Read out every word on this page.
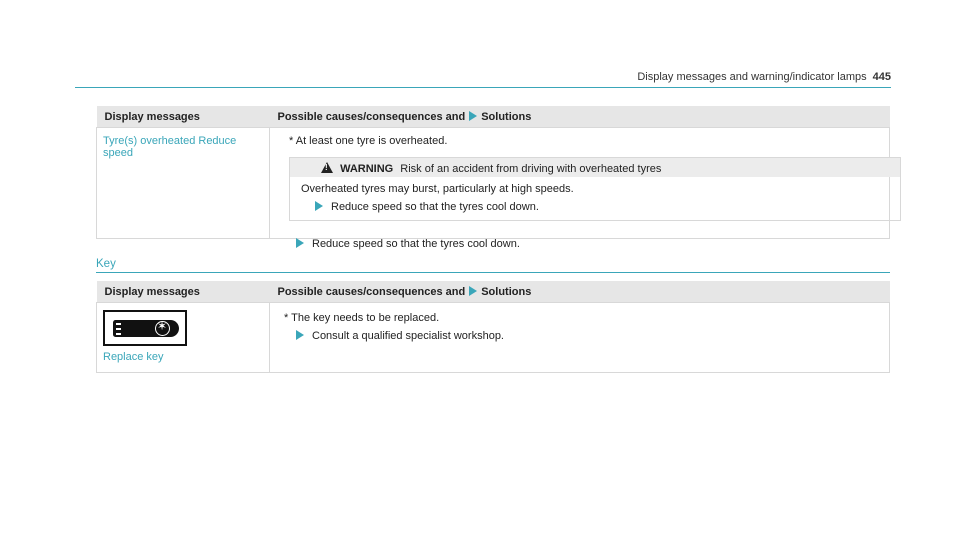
Display messages and warning/indicator lamps 445
Display messages	Possible causes/consequences and Solutions

Tyre(s) overheated Reduce speed	* At least one tyre is overheated.
! WARNING Risk of an accident from driving with overheated tyres
Overheated tyres may burst, particularly at high speeds.
Reduce speed so that the tyres cool down.
Reduce speed so that the tyres cool down.
Key
Display messages	Possible causes/consequences and Solutions

✶
Replace key	* The key needs to be replaced.
Consult a qualified specialist workshop.
